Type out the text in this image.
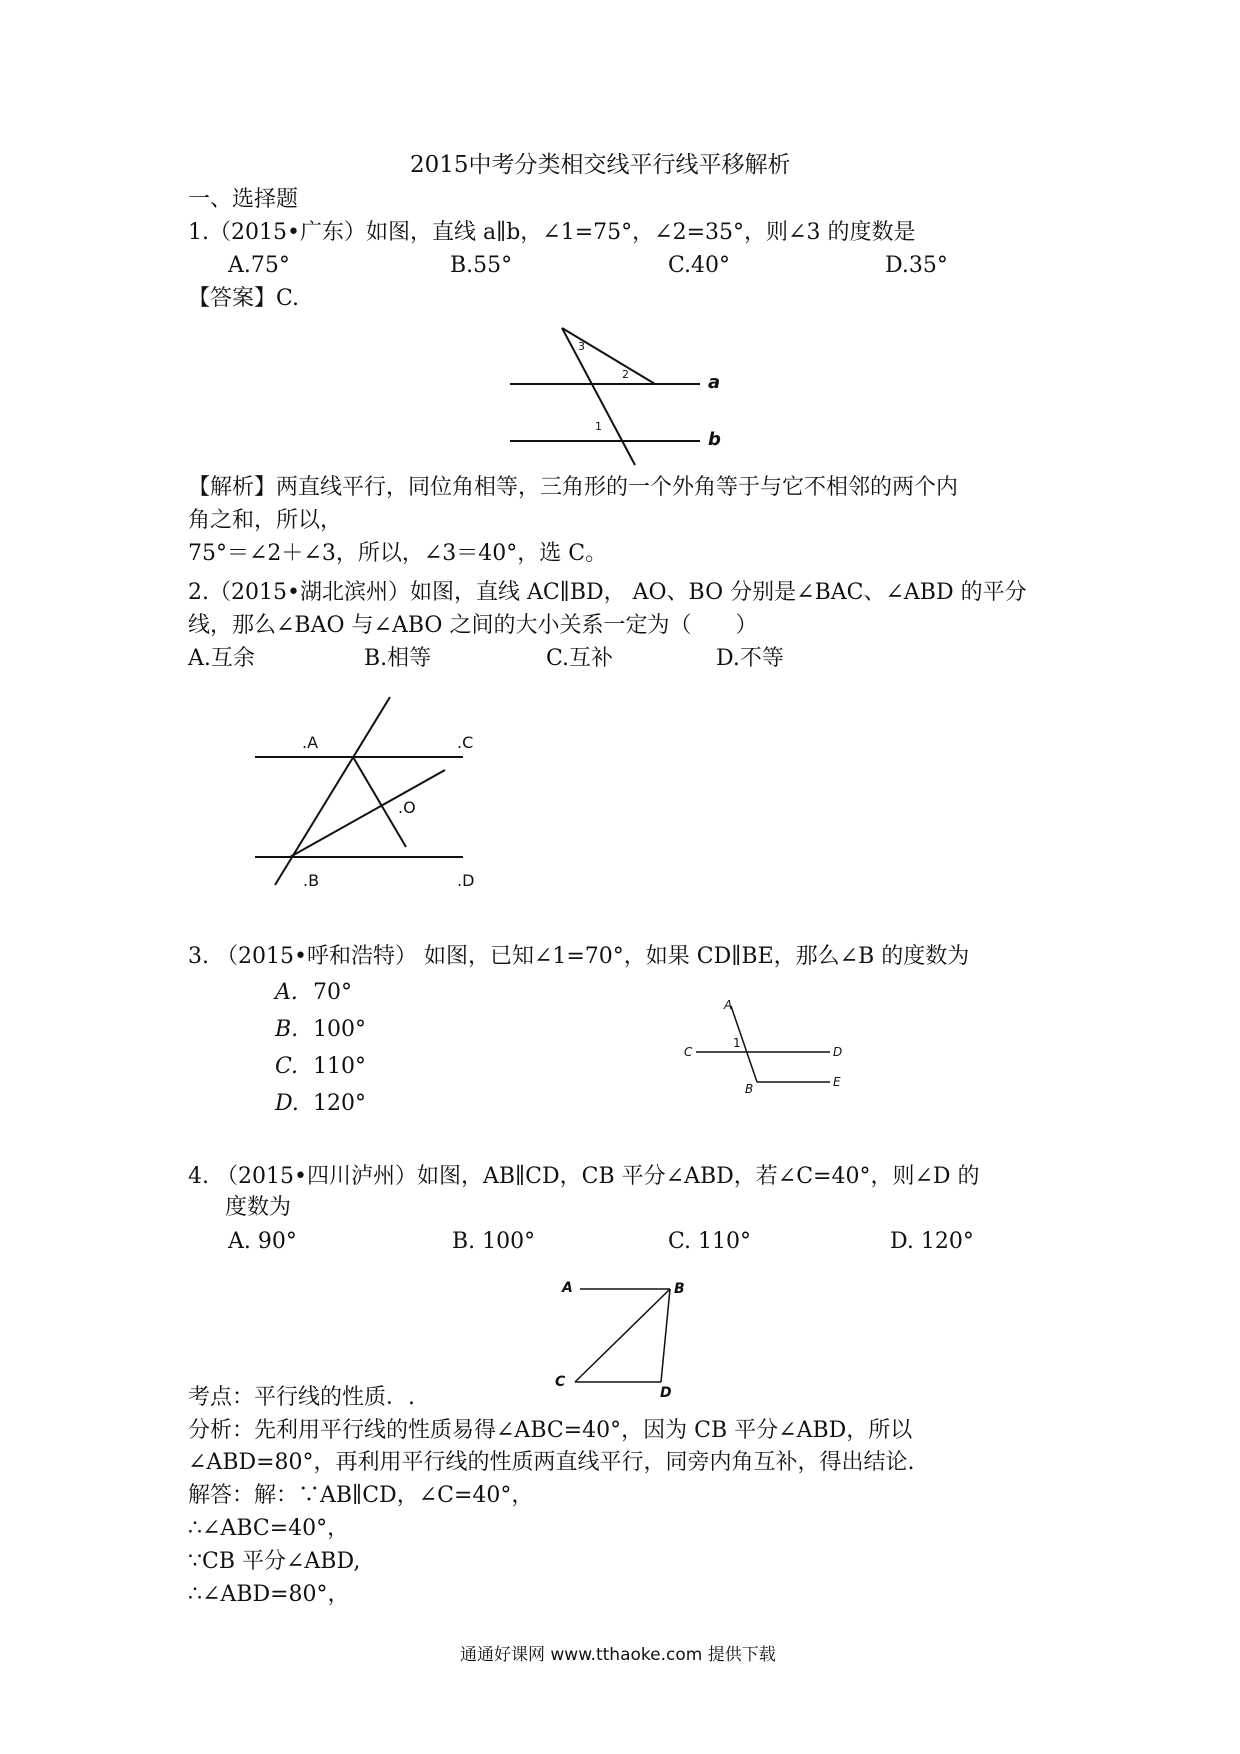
2015中考分类相交线平行线平移解析
一、选择题
1.（2015•广东）如图，直线 a∥b，∠1=75°，∠2=35°，则∠3 的度数是
A.75°	B.55°	C.40°	D.35°
【答案】C.
3
2
1
a
b
【解析】两直线平行，同位角相等，三角形的一个外角等于与它不相邻的两个内
角之和，所以，
75°＝∠2＋∠3，所以，∠3＝40°，选 C。
2.（2015•湖北滨州）如图，直线 AC∥BD， AO、BO 分别是∠BAC、∠ABD 的平分
线，那么∠BAO 与∠ABO 之间的大小关系一定为（　　）
A.互余	B.相等	C.互补	D.不等
.A	.C
.O
.B	.D
3. （2015•呼和浩特） 如图，已知∠1=70°，如果 CD∥BE，那么∠B 的度数为
A. 70°
B. 100°
C. 110°
D. 120°
A
1
C	D
B	E
4. （2015•四川泸州）如图，AB∥CD，CB 平分∠ABD，若∠C=40°，则∠D 的
度数为
A. 90°	B. 100°	C. 110°	D. 120°
A	B
C
D
考点：平行线的性质．.
分析：先利用平行线的性质易得∠ABC=40°，因为 CB 平分∠ABD，所以
∠ABD=80°，再利用平行线的性质两直线平行，同旁内角互补，得出结论.
解答：解：∵AB∥CD，∠C=40°，
∴∠ABC=40°，
∵CB 平分∠ABD,
∴∠ABD=80°，
通通好课网 www.tthaoke.com 提供下载
